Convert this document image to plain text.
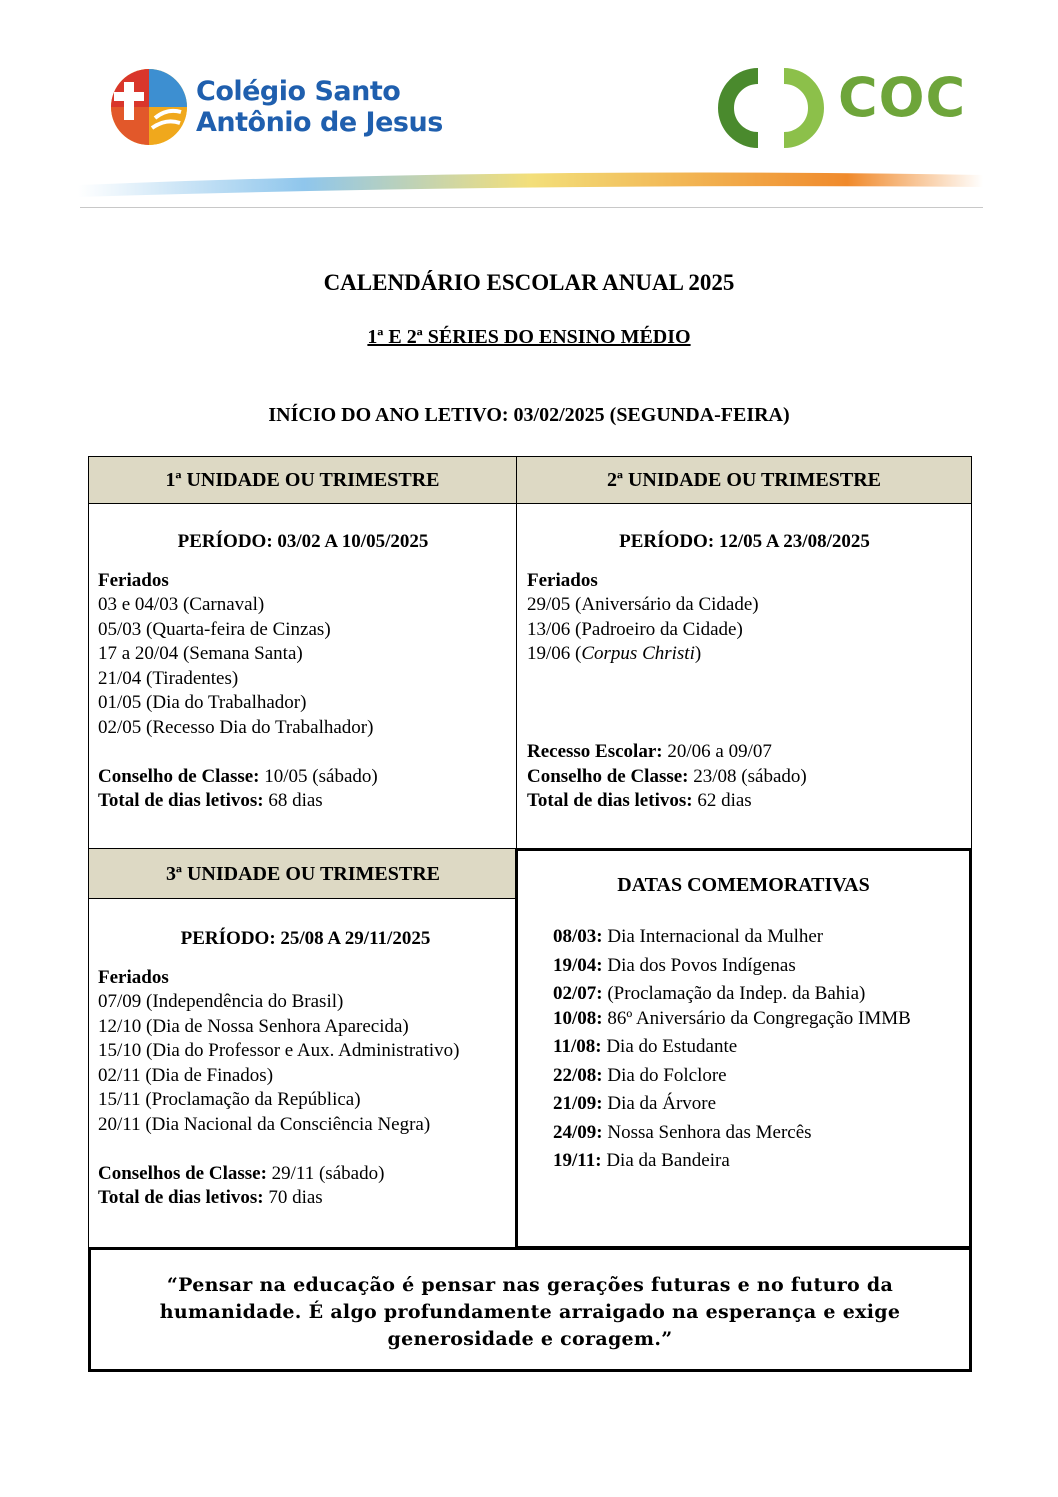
Colégio Santo
Antônio de Jesus	COC
CALENDÁRIO ESCOLAR ANUAL 2025
1ª E 2ª SÉRIES DO ENSINO MÉDIO
INÍCIO DO ANO LETIVO: 03/02/2025 (SEGUNDA-FEIRA)
1ª UNIDADE OU TRIMESTRE	2ª UNIDADE OU TRIMESTRE
PERÍODO: 03/02 A 10/05/2025
Feriados
03 e 04/03 (Carnaval)
05/03 (Quarta-feira de Cinzas)
17 a 20/04 (Semana Santa)
21/04 (Tiradentes)
01/05 (Dia do Trabalhador)
02/05 (Recesso Dia do Trabalhador)
Conselho de Classe: 10/05 (sábado)
Total de dias letivos: 68 dias
PERÍODO: 12/05 A 23/08/2025
Feriados
29/05 (Aniversário da Cidade)
13/06 (Padroeiro da Cidade)
19/06 (Corpus Christi)
Recesso Escolar: 20/06 a 09/07
Conselho de Classe: 23/08 (sábado)
Total de dias letivos: 62 dias
3ª UNIDADE OU TRIMESTRE
PERÍODO: 25/08 A 29/11/2025
Feriados
07/09 (Independência do Brasil)
12/10 (Dia de Nossa Senhora Aparecida)
15/10 (Dia do Professor e Aux. Administrativo)
02/11 (Dia de Finados)
15/11 (Proclamação da República)
20/11 (Dia Nacional da Consciência Negra)
Conselhos de Classe: 29/11 (sábado)
Total de dias letivos: 70 dias
DATAS COMEMORATIVAS
08/03: Dia Internacional da Mulher
19/04: Dia dos Povos Indígenas
02/07: (Proclamação da Indep. da Bahia)
10/08: 86º Aniversário da Congregação IMMB
11/08: Dia do Estudante
22/08: Dia do Folclore
21/09: Dia da Árvore
24/09: Nossa Senhora das Mercês
19/11: Dia da Bandeira
“Pensar na educação é pensar nas gerações futuras e no futuro da
humanidade. É algo profundamente arraigado na esperança e exige
generosidade e coragem.”
